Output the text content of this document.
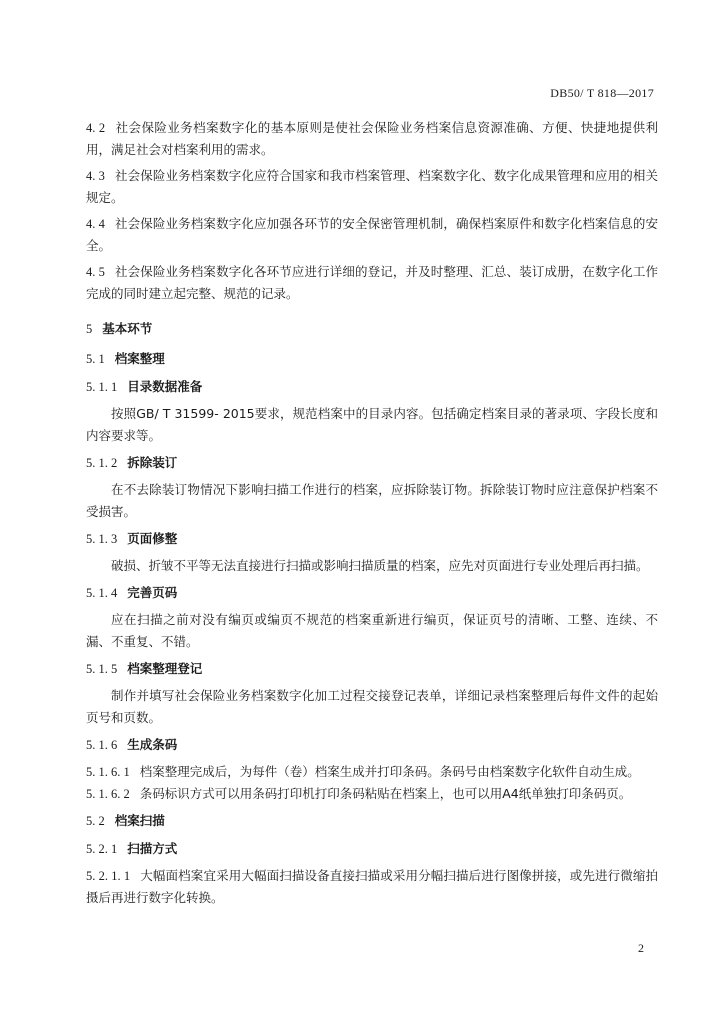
DB50/ T 818—2017

4. 2 社会保险业务档案数字化的基本原则是使社会保险业务档案信息资源准确、方便、快捷地提供利用，满足社会对档案利用的需求。

4. 3 社会保险业务档案数字化应符合国家和我市档案管理、档案数字化、数字化成果管理和应用的相关规定。

4. 4 社会保险业务档案数字化应加强各环节的安全保密管理机制，确保档案原件和数字化档案信息的安全。

4. 5 社会保险业务档案数字化各环节应进行详细的登记，并及时整理、汇总、装订成册，在数字化工作完成的同时建立起完整、规范的记录。

5 基本环节
5. 1 档案整理
5. 1. 1 目录数据准备

按照GB/ T 31599- 2015要求，规范档案中的目录内容。包括确定档案目录的著录项、字段长度和内容要求等。

5. 1. 2 拆除装订

在不去除装订物情况下影响扫描工作进行的档案，应拆除装订物。拆除装订物时应注意保护档案不受损害。

5. 1. 3 页面修整

破损、折皱不平等无法直接进行扫描或影响扫描质量的档案，应先对页面进行专业处理后再扫描。

5. 1. 4 完善页码

应在扫描之前对没有编页或编页不规范的档案重新进行编页，保证页号的清晰、工整、连续、不漏、不重复、不错。

5. 1. 5 档案整理登记

制作并填写社会保险业务档案数字化加工过程交接登记表单，详细记录档案整理后每件文件的起始页号和页数。

5. 1. 6 生成条码

5. 1. 6. 1 档案整理完成后，为每件（卷）档案生成并打印条码。条码号由档案数字化软件自动生成。

5. 1. 6. 2 条码标识方式可以用条码打印机打印条码粘贴在档案上，也可以用A4纸单独打印条码页。

5. 2 档案扫描
5. 2. 1 扫描方式

5. 2. 1. 1 大幅面档案宜采用大幅面扫描设备直接扫描或采用分幅扫描后进行图像拼接，或先进行微缩拍摄后再进行数字化转换。

2
